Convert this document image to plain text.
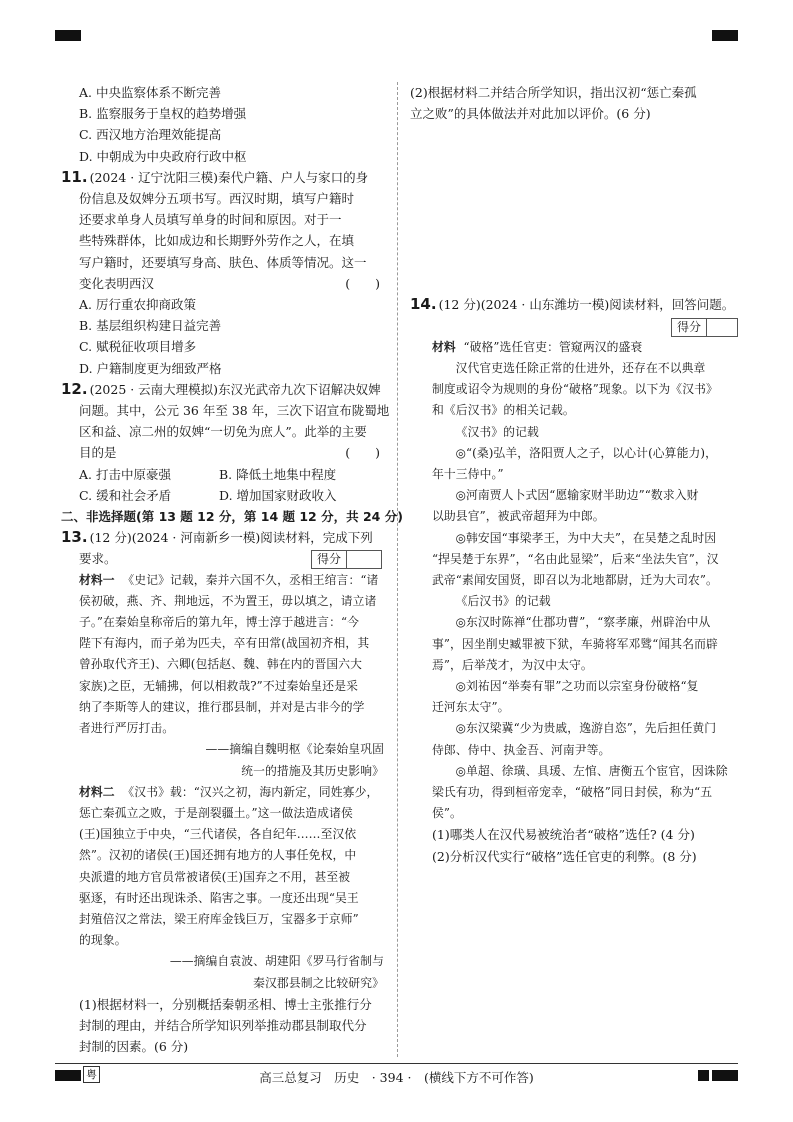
A. 中央监察体系不断完善
B. 监察服务于皇权的趋势增强
C. 西汉地方治理效能提高
D. 中朝成为中央政府行政中枢
11. (2024 · 辽宁沈阳三模)秦代户籍、户人与家口的身
份信息及奴婢分五项书写。西汉时期，填写户籍时
还要求单身人员填写单身的时间和原因。对于一
些特殊群体，比如成边和长期野外劳作之人，在填
写户籍时，还要填写身高、肤色、体质等情况。这一
变化表明西汉	(　　)
A. 厉行重农抑商政策
B. 基层组织构建日益完善
C. 赋税征收项目增多
D. 户籍制度更为细致严格
12. (2025 · 云南大理模拟)东汉光武帝九次下诏解决奴婢
问题。其中，公元 36 年至 38 年，三次下诏宣布陇蜀地
区和益、凉二州的奴婢“一切免为庶人”。此举的主要
目的是	(　　)
A. 打击中原豪强	B. 降低土地集中程度
C. 缓和社会矛盾	D. 增加国家财政收入
二、非选择题(第 13 题 12 分，第 14 题 12 分，共 24 分)
13. (12 分)(2024 · 河南新乡一模)阅读材料，完成下列
要求。	得分
材料一 《史记》记载，秦并六国不久，丞相王绾言：“诸
侯初破，燕、齐、荆地远，不为置王，毋以填之，请立诸
子。”在秦始皇称帝后的第九年，博士淳于越进言：“今
陛下有海内，而子弟为匹夫，卒有田常(战国初齐相，其
曾孙取代齐王)、六卿(包括赵、魏、韩在内的晋国六大
家族)之臣，无辅拂，何以相救哉?”不过秦始皇还是采
纳了李斯等人的建议，推行郡县制，并对是古非今的学
者进行严厉打击。
——摘编自魏明枢《论秦始皇巩固
统一的措施及其历史影响》
材料二 《汉书》载：“汉兴之初，海内新定，同姓寡少，
惩亡秦孤立之败，于是剖裂疆土。”这一做法造成诸侯
(王)国独立于中央，“三代诸侯，各自纪年……至汉依
然”。汉初的诸侯(王)国还拥有地方的人事任免权，中
央派遣的地方官员常被诸侯(王)国弃之不用，甚至被
驱逐，有时还出现诛杀、陷害之事。一度还出现“吴王
封殖倍汉之常法，梁王府库金钱巨万，宝器多于京师”
的现象。
——摘编自袁波、胡建阳《罗马行省制与
秦汉郡县制之比较研究》
(1)根据材料一，分别概括秦朝丞相、博士主张推行分
封制的理由，并结合所学知识列举推动郡县制取代分
封制的因素。(6 分)
(2)根据材料二并结合所学知识，指出汉初“惩亡秦孤
立之败”的具体做法并对此加以评价。(6 分)
14. (12 分)(2024 · 山东潍坊一模)阅读材料，回答问题。
得分
材料 “破格”选任官吏：管窥两汉的盛衰
汉代官吏选任除正常的仕进外，还存在不以典章
制度或诏令为规则的身份“破格”现象。以下为《汉书》
和《后汉书》的相关记载。
《汉书》的记载
◎“(桑)弘羊，洛阳贾人之子，以心计(心算能力)，
年十三侍中。”
◎河南贾人卜式因“愿输家财半助边”“数求入财
以助县官”，被武帝超拜为中郎。
◎韩安国“事梁孝王，为中大夫”，在吴楚之乱时因
“捍吴楚于东界”，“名由此显梁”，后来“坐法失官”，汉
武帝“素闻安国贤，即召以为北地都尉，迁为大司农”。
《后汉书》的记载
◎东汉时陈禅“仕郡功曹”，“察孝廉，州辟治中从
事”，因坐削史臧罪被下狱，车骑将军邓骘“闻其名而辟
焉”，后举茂才，为汉中太守。
◎刘祐因“举奏有罪”之功而以宗室身份破格“复
迁河东太守”。
◎东汉梁冀“少为贵戚，逸游自恣”，先后担任黄门
侍郎、侍中、执金吾、河南尹等。
◎单超、徐璜、具瑗、左悺、唐衡五个宦官，因诛除
梁氏有功，得到桓帝宠幸，“破格”同日封侯，称为“五
侯”。
(1)哪类人在汉代易被统治者“破格”选任? (4 分)
(2)分析汉代实行“破格”选任官吏的利弊。(8 分)
粤	高三总复习　历史　· 394 ·　(横线下方不可作答)
